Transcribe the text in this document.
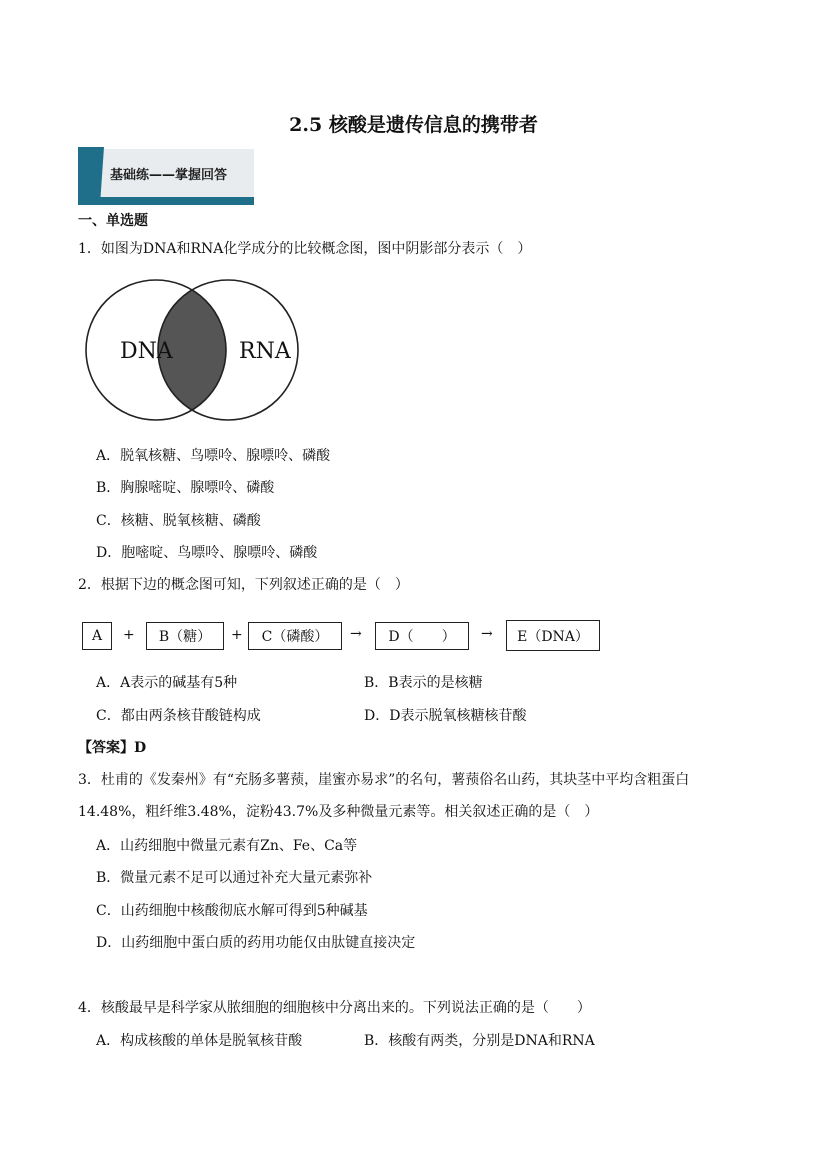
2.5 核酸是遗传信息的携带者
基础练——掌握回答
一、单选题
1．如图为DNA和RNA化学成分的比较概念图，图中阴影部分表示（　）
DNA	RNA
A．脱氧核糖、鸟嘌呤、腺嘌呤、磷酸
B．胸腺嘧啶、腺嘌呤、磷酸
C．核糖、脱氧核糖、磷酸
D．胞嘧啶、鸟嘌呤、腺嘌呤、磷酸
2．根据下边的概念图可知，下列叙述正确的是（　）
A	+	B（糖）	+	C（磷酸）	→	D（　　）	→	E（DNA）
A．A表示的碱基有5种	B．B表示的是核糖
C．都由两条核苷酸链构成	D．D表示脱氧核糖核苷酸
【答案】D
3．杜甫的《发秦州》有“充肠多薯蓣，崖蜜亦易求”的名句，薯蓣俗名山药，其块茎中平均含粗蛋白
14.48%，粗纤维3.48%，淀粉43.7%及多种微量元素等。相关叙述正确的是（　）
A．山药细胞中微量元素有Zn、Fe、Ca等
B．微量元素不足可以通过补充大量元素弥补
C．山药细胞中核酸彻底水解可得到5种碱基
D．山药细胞中蛋白质的药用功能仅由肽键直接决定
4．核酸最早是科学家从脓细胞的细胞核中分离出来的。下列说法正确的是（　　）
A．构成核酸的单体是脱氧核苷酸	B．核酸有两类，分别是DNA和RNA
